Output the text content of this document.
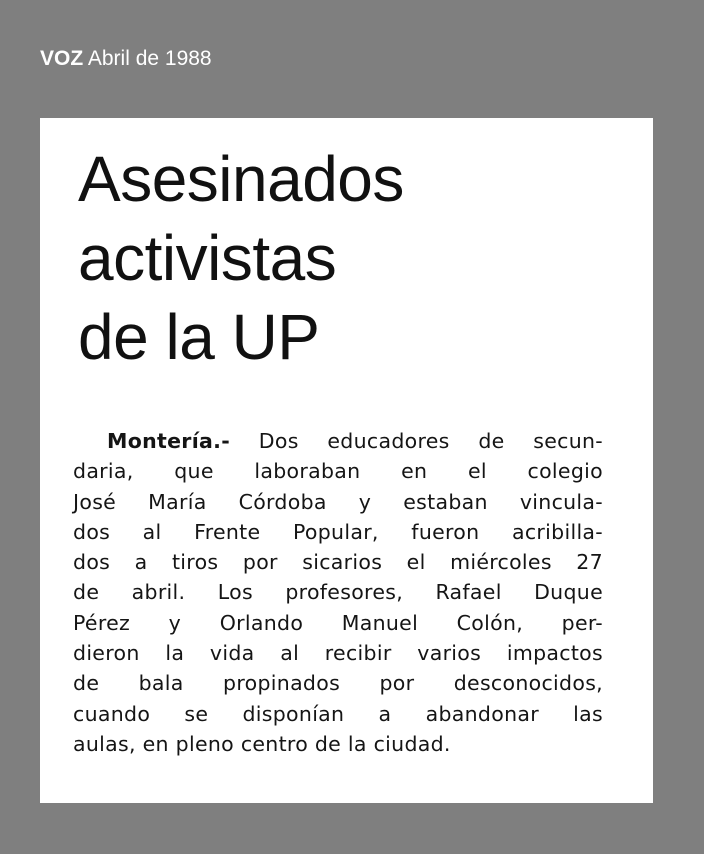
VOZ Abril de 1988
Asesinados
activistas
de la UP
Montería.- Dos educadores de secun-
daria, que laboraban en el colegio
José María Córdoba y estaban vincula-
dos al Frente Popular, fueron acribilla-
dos a tiros por sicarios el miércoles 27
de abril. Los profesores, Rafael Duque
Pérez y Orlando Manuel Colón, per-
dieron la vida al recibir varios impactos
de bala propinados por desconocidos,
cuando se disponían a abandonar las
aulas, en pleno centro de la ciudad.
